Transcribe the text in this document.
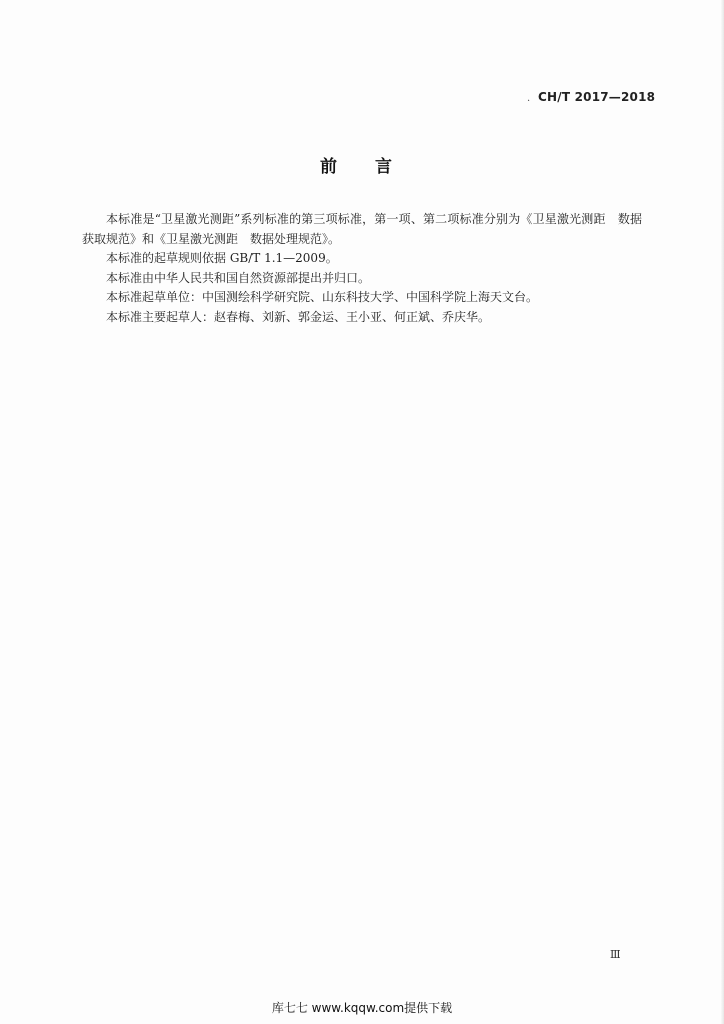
· CH/T 2017—2018
前言

本标准是“卫星激光测距”系列标准的第三项标准，第一项、第二项标准分别为《卫星激光测距　数据获取规范》和《卫星激光测距　数据处理规范》。

本标准的起草规则依据 GB/T 1.1—2009。

本标准由中华人民共和国自然资源部提出并归口。

本标准起草单位：中国测绘科学研究院、山东科技大学、中国科学院上海天文台。

本标准主要起草人：赵春梅、刘新、郭金运、王小亚、何正斌、乔庆华。

Ⅲ
库七七 www.kqqw.com提供下载
